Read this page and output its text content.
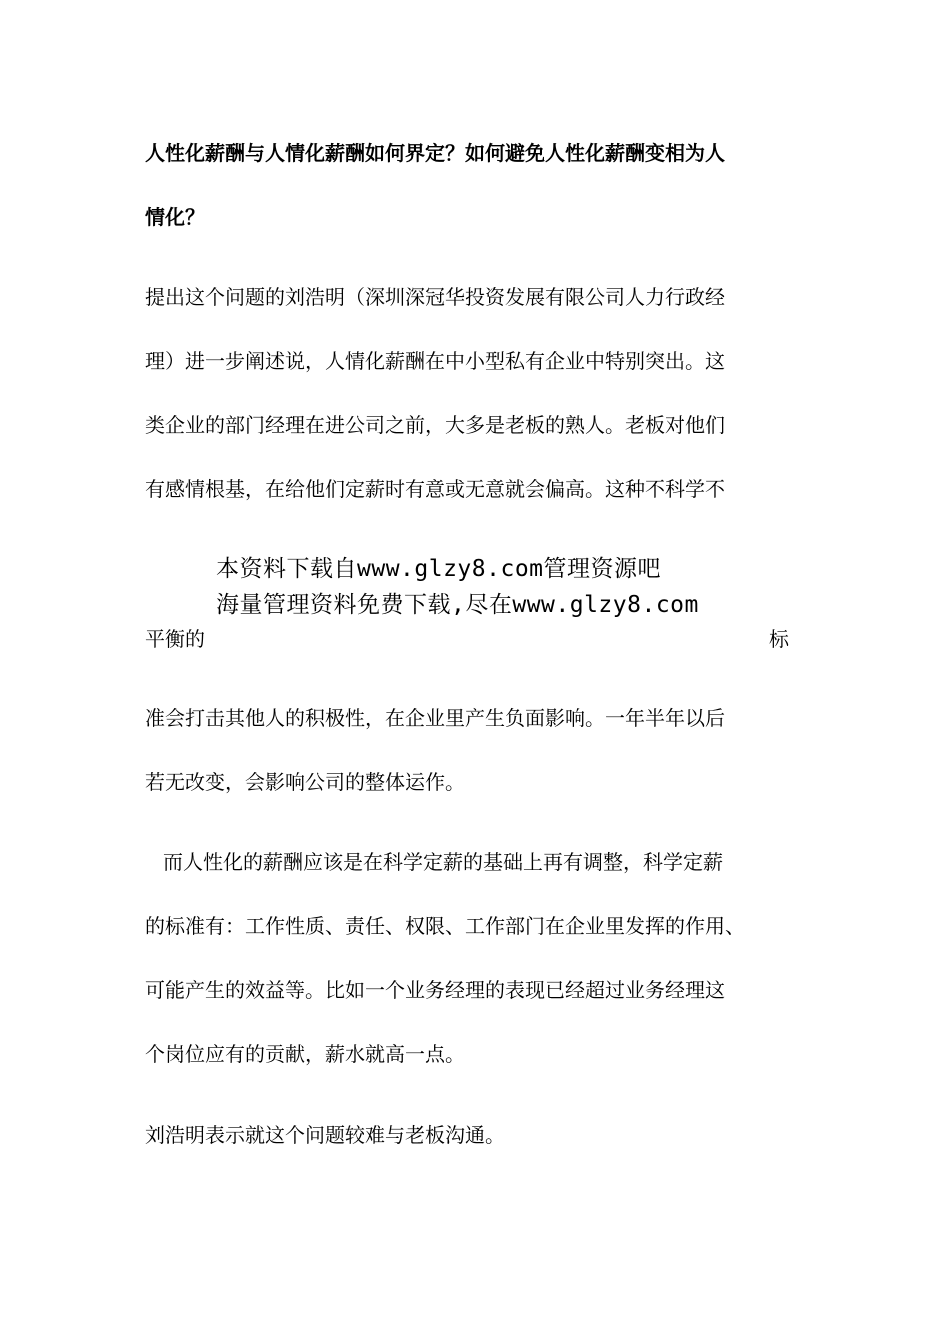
人性化薪酬与人情化薪酬如何界定？如何避免人性化薪酬变相为人
情化？
提出这个问题的刘浩明（深圳深冠华投资发展有限公司人力行政经
理）进一步阐述说，人情化薪酬在中小型私有企业中特别突出。这
类企业的部门经理在进公司之前，大多是老板的熟人。老板对他们
有感情根基，在给他们定薪时有意或无意就会偏高。这种不科学不
本资料下载自www.glzy8.com管理资源吧
海量管理资料免费下载,尽在www.glzy8.com
平衡的	标
准会打击其他人的积极性，在企业里产生负面影响。一年半年以后
若无改变，会影响公司的整体运作。
而人性化的薪酬应该是在科学定薪的基础上再有调整，科学定薪
的标准有：工作性质、责任、权限、工作部门在企业里发挥的作用、
可能产生的效益等。比如一个业务经理的表现已经超过业务经理这
个岗位应有的贡献，薪水就高一点。
刘浩明表示就这个问题较难与老板沟通。
